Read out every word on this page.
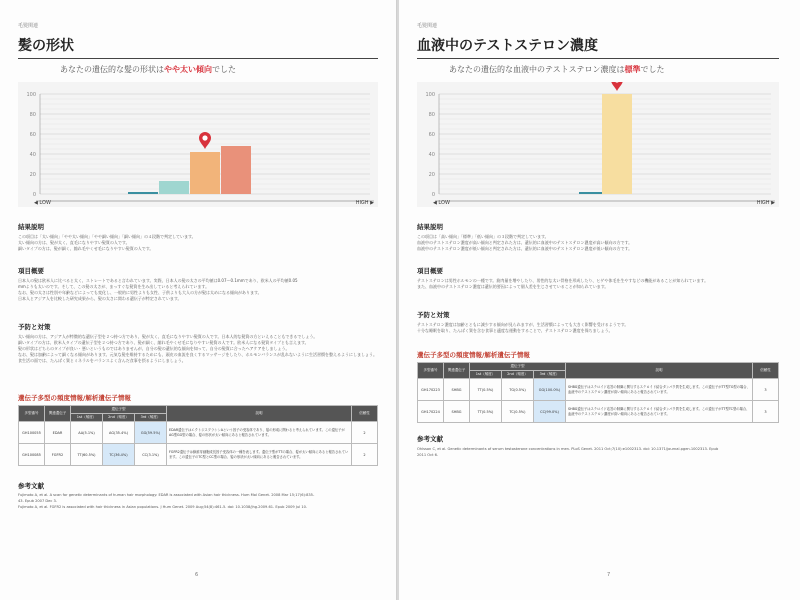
毛髪関連
髪の形状
あなたの遺伝的な髪の形状はやや太い傾向でした
100
80
60
40
20
0
◀ LOW	HIGH ▶
結果説明
この項目は「太い傾向」「やや太い傾向」「やや細い傾向」「細い傾向」の４段階で判定しています。
太い傾向の方は、髪が太く、直毛になりやすい髪質の人です。
細いタイプの方は、髪が細く、縮れ毛やくせ毛になりやすい髪質の人です。
項目概要
日本人の髪は欧米人に比べると太く、ストレートであると言われています。実際、日本人の髪の太さの平均値は0.07～0.1mmであり、欧米人の平均値0.05
mmよりも太いのです。そして、この髪の太さが、まっすぐな髪質を生み出していると考えられています。
なお、髪の太さは性別や年齢などによっても変化し、一般的に男性よりも女性、子供よりも大人の方が髪は太めになる傾向があります。
日本人とアジア人を比較した研究成果から、髪の太さに関わる遺伝子が特定されています。
予防と対策
太い傾向の方は、アジア人が特徴的な遺伝子型を２つ持つ方であり、髪が太く、直毛になりやすい髪質の人です。日本人的な髪質の方といえることもできるでしょう。
細いタイプの方は、欧米人タイプの遺伝子型を２つ持つ方であり、髪が細く、縮れ毛やくせ毛になりやすい髪質の人です。欧米人になる髪質タイプとも言えます。
髪の形状はどちらのタイプが良い・悪いというものではありませんが、自分の髪の遺伝的な傾向を知って、自分の髪質に合ったヘアケアをしましょう。
なお、髪は加齢によって細くなる傾向があります。元気な髪を維持するためにも、頭皮の血流を良くするマッサージをしたり、ホルモンバランスが乱れないように生活習慣を整えるようにしましょう。食生活の面では、たんぱく質とミネラルをバランスよく含んだ食事を摂るようにしましょう。
遺伝子多型の頻度情報/解析遺伝子情報
多型番号	関連遺伝子	遺伝子型			説明	信頼性
		1st（頻度）	2nd（頻度）	3rd（頻度）		
GH100055	EDAR	AA(5.1%)	AG(35.4%)	GG(59.5%)	EDAR遺伝子はエクトジスプラシンAという因子の受容体であり、髪の形成に関わると考えられています。この遺伝子がAG型GG型の場合、髪の形状が太い傾向にあると報告されています。	2
GH100085	FGFR2	TT(60.5%)	TC(36.4%)	CC(3.1%)	FGFR2遺伝子は線維芽細胞成長因子受容体の一種を表します。遺伝子型がTTの場合、髪が太い傾向にあると報告されています。この遺伝子のTC型とCC型の場合、髪の形状が太い傾向にあると報告されています。	2
参考文献
Fujimoto A, et al. A scan for genetic determinants of human hair morphology: EDAR is associated with Asian hair thickness. Hum Mol Genet. 2008 Mar 15;17(6):835-
43. Epub 2007 Dec 3.
Fujimoto A, et al. FGFR2 is associated with hair thickness in Asian populations. J Hum Genet. 2009 Aug;54(8):461-5. doi: 10.1038/jhg.2009.61. Epub 2009 Jul 10.
6
毛髪関連
血液中のテストステロン濃度
あなたの遺伝的な血液中のテストステロン濃度は標準でした
100
80
60
40
20
0
◀ LOW	HIGH ▶
結果説明
この項目は「高い傾向」「標準」「低い傾向」の３段階で判定しています。
血液中のテストステロン濃度が高い傾向と判定された方は、遺伝的に血液中のテストステロン濃度が高い傾向の方です。
血液中のテストステロン濃度が低い傾向と判定された方は、遺伝的に血液中のテストステロン濃度が低い傾向の方です。
項目概要
テストステロンは男性ホルモンの一種です。筋肉量を増やしたり、男性的な太い骨格を形成したり、ヒゲや体毛を生やすなどの機能があることが知られています。
また、血液中のテストステロン濃度は遺伝的要因によって個人差を生じさせていることが知られています。
予防と対策
テストステロン濃度は加齢とともに減少する傾向が見られますが、生活習慣によっても大きく影響を受けるようです。
十分な睡眠を取り、たんぱく質を含む食事と適度な運動をすることで、テストステロン濃度を保ちましょう。
遺伝子多型の頻度情報/解析遺伝子情報
多型番号	関連遺伝子	遺伝子型			説明	信頼性
		1st（頻度）	2nd（頻度）	3rd（頻度）		
GH170223	SHBG	TT(0.5%)	TG(0.5%)	GG(100.0%)	SHBG遺伝子はステロイド応答の制御に関与するステロイド結合タンパク質を生成します。この遺伝子がTT型TG型の場合、血液中のテストステロン濃度が高い傾向にあると報告されています。	3
GH170224	SHBG	TT(0.5%)	TC(0.5%)	CC(99.0%)	SHBG遺伝子はステロイド応答の制御に関与するステロイド結合タンパク質を生成します。この遺伝子がTT型TC型の場合、血液中のテストステロン濃度が高い傾向にあると報告されています。	3
参考文献
Ohlsson C, et al. Genetic determinants of serum testosterone concentrations in men. PLoS Genet. 2011 Oct;7(10):e1002313. doi: 10.1371/journal.pgen.1002313. Epub
2011 Oct 6.
7
